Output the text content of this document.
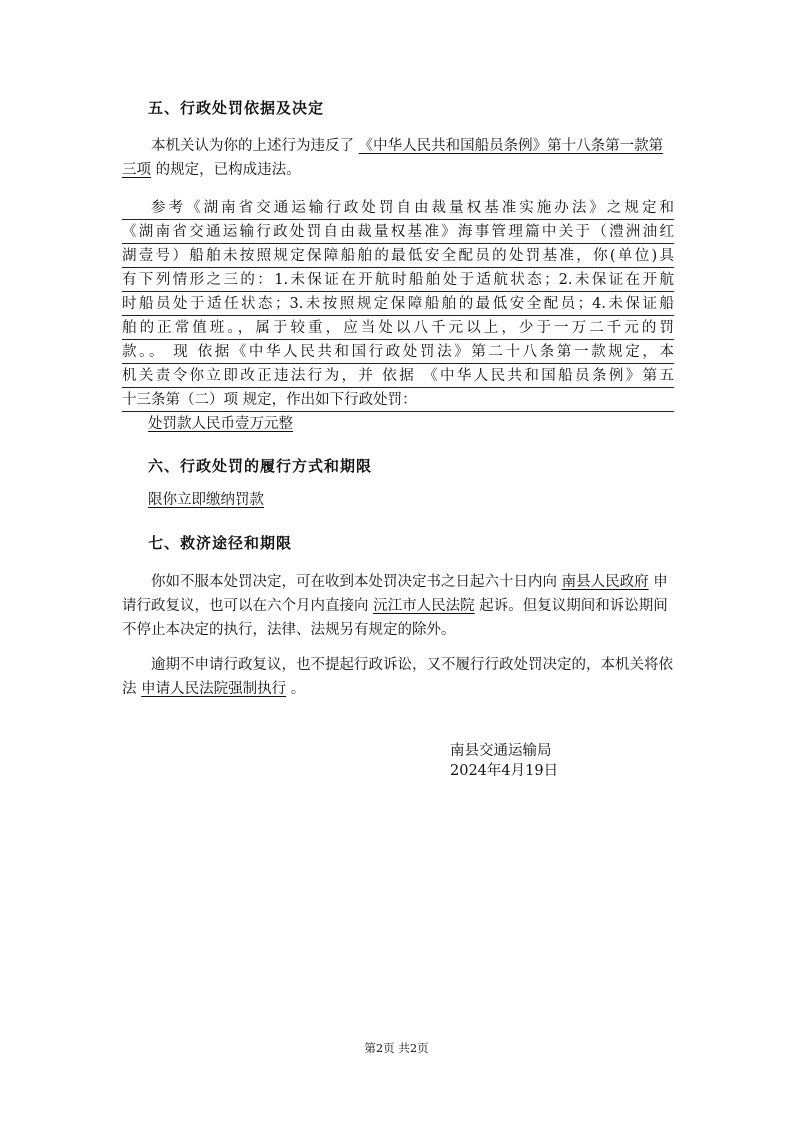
五、行政处罚依据及决定
本机关认为你的上述行为违反了 《中华人民共和国船员条例》第十八条第一款第三项 的规定，已构成违法。
参考《湖南省交通运输行政处罚自由裁量权基准实施办法》之规定和
《湖南省交通运输行政处罚自由裁量权基准》海事管理篇中关于（澧洲油红
湖壹号）船舶未按照规定保障船舶的最低安全配员的处罚基准，你(单位)具
有下列情形之三的：1.未保证在开航时船舶处于适航状态；2.未保证在开航
时船员处于适任状态；3.未按照规定保障船舶的最低安全配员；4.未保证船
舶的正常值班。，属于较重，应当处以八千元以上，少于一万二千元的罚
款。。 现 依据《中华人民共和国行政处罚法》第二十八条第一款规定，本
机关责令你立即改正违法行为，并 依据 《中华人民共和国船员条例》第五
十三条第（二）项 规定，作出如下行政处罚：
处罚款人民币壹万元整
六、行政处罚的履行方式和期限
限你立即缴纳罚款
七、救济途径和期限
你如不服本处罚决定，可在收到本处罚决定书之日起六十日内向 南县人民政府 申请行政复议，也可以在六个月内直接向 沅江市人民法院 起诉。但复议期间和诉讼期间不停止本决定的执行，法律、法规另有规定的除外。
逾期不申请行政复议，也不提起行政诉讼，又不履行行政处罚决定的，本机关将依法 申请人民法院强制执行 。
南县交通运输局
2024年4月19日
第2页 共2页
